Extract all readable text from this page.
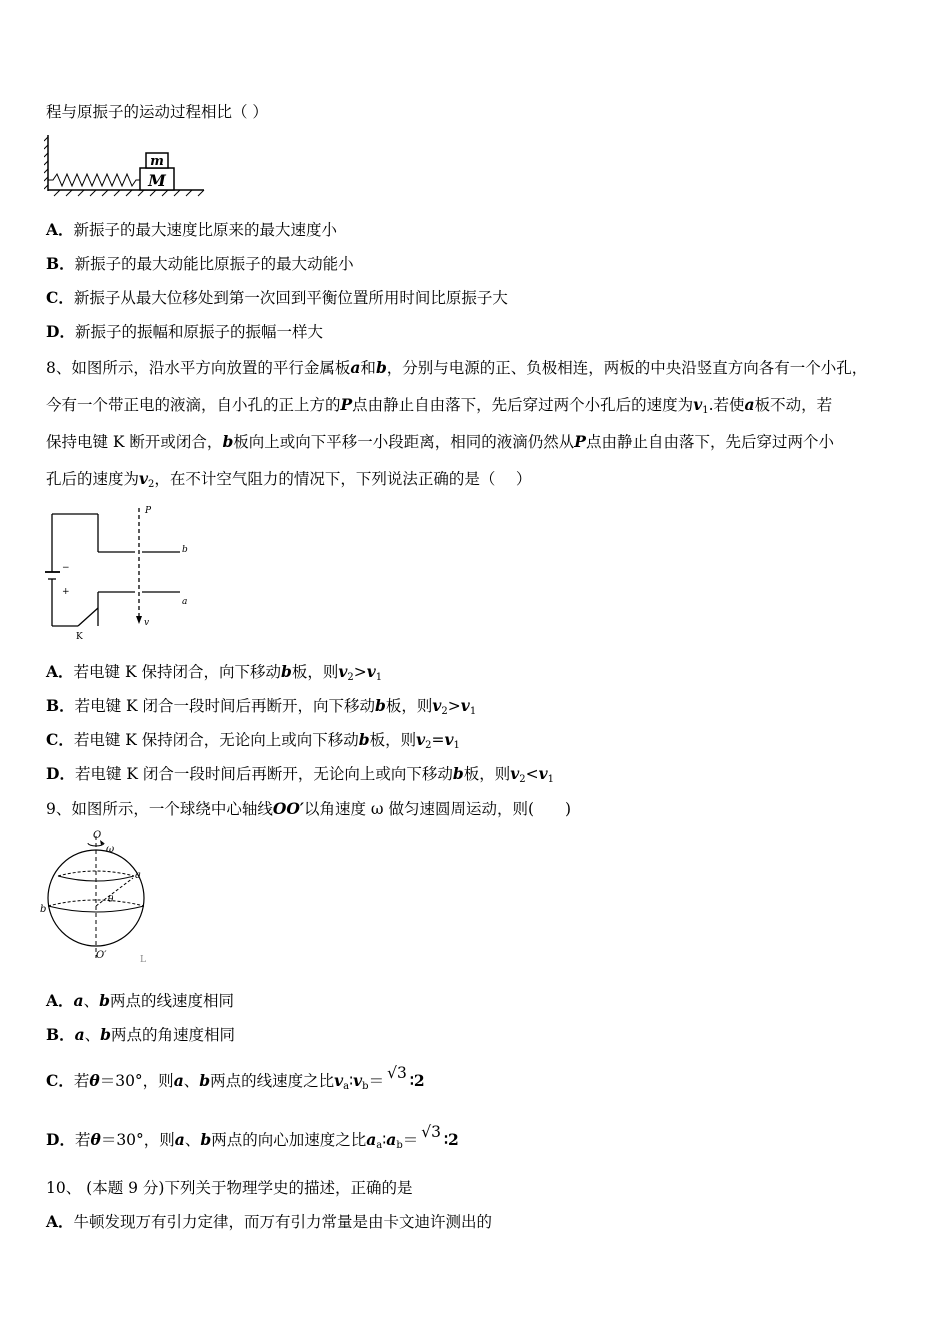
程与原振子的运动过程相比（ ）
m
M
A．新振子的最大速度比原来的最大速度小
B．新振子的最大动能比原振子的最大动能小
C．新振子从最大位移处到第一次回到平衡位置所用时间比原振子大
D．新振子的振幅和原振子的振幅一样大
8、如图所示，沿水平方向放置的平行金属板a和b，分别与电源的正、负极相连，两板的中央沿竖直方向各有一个小孔，
今有一个带正电的液滴，自小孔的正上方的P点由静止自由落下，先后穿过两个小孔后的速度为$v_1$.若使a板不动，若
保持电键 K 断开或闭合，b板向上或向下平移一小段距离，相同的液滴仍然从P点由静止自由落下，先后穿过两个小
孔后的速度为$v_2$，在不计空气阻力的情况下，下列说法正确的是（　 ）
P
b
a
v
K
−
+
A．若电键 K 保持闭合，向下移动b板，则$v_2>v_1$
B．若电键 K 闭合一段时间后再断开，向下移动b板，则$v_2>v_1$
C．若电键 K 保持闭合，无论向上或向下移动b板，则$v_2=v_1$
D．若电键 K 闭合一段时间后再断开，无论向上或向下移动b板，则$v_2<v_1$
9、如图所示，一个球绕中心轴线OO′以角速度 ω 做匀速圆周运动，则(　　)
O
ω
a
θ
b
O′	L
A．a、b两点的线速度相同
B．a、b两点的角速度相同
C．若θ＝30°，则a、b两点的线速度之比$v_a∶v_b= √3$ ∶2
D．若θ＝30°，则a、b两点的向心加速度之比$a_a∶a_b= √3$ ∶2
10、 (本题 9 分)下列关于物理学史的描述，正确的是
A．牛顿发现万有引力定律，而万有引力常量是由卡文迪许测出的
